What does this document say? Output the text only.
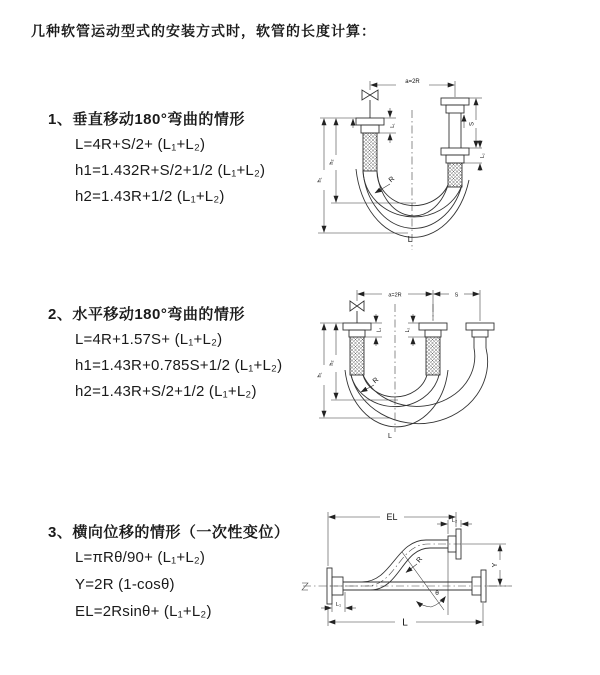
几种软管运动型式的安装方式时，软管的长度计算：
1、垂直移动180°弯曲的情形
L=4R+S/2+ (L₁+L₂)
h1=1.432R+S/2+1/2 (L₁+L₂)
h2=1.43R+1/2 (L₁+L₂)
2、水平移动180°弯曲的情形
L=4R+1.57S+ (L₁+L₂)
h1=1.43R+0.785S+1/2 (L₁+L₂)
h2=1.43R+S/2+1/2 (L₁+L₂)
3、横向位移的情形（一次性变位）
L=πRθ/90+ (L₁+L₂)
Y=2R (1-cosθ)
EL=2Rsinθ+ (L₁+L₂)
a=2R
L₁	S
L₂
h₁
h₂
R
L
a=2R	S
h₁
h₂
L₁	L₂
R
L
EL	L₂
Y
θ
R
L₁
L
